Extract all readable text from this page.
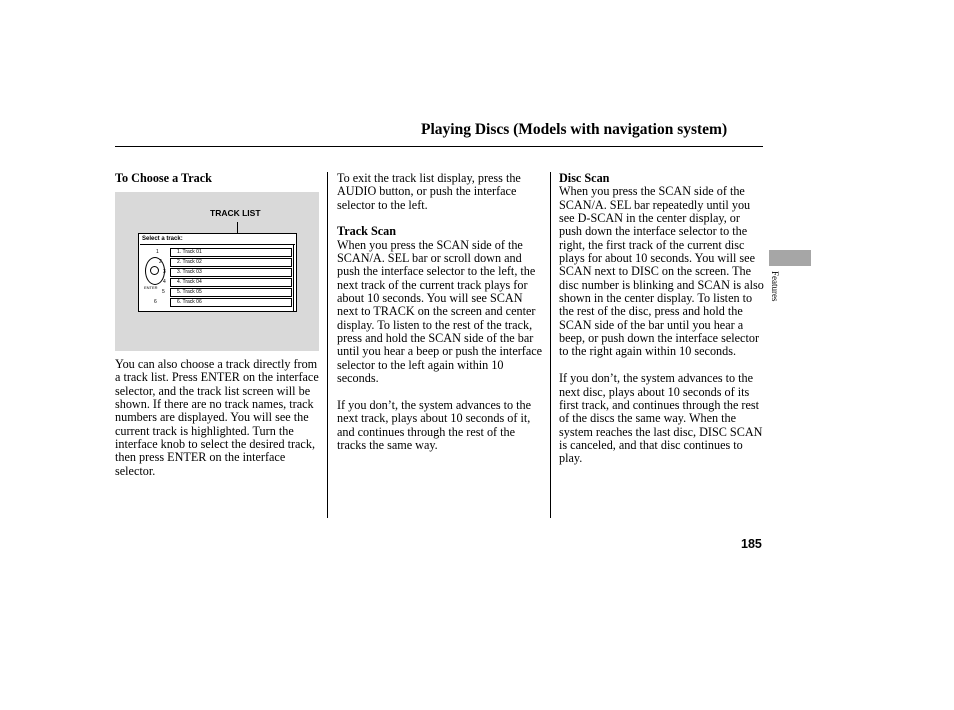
Playing Discs (Models with navigation system)
To Choose a Track
TRACK LIST
Select a track:
ENTER
1
2
3
4
5
6
1. Track 01
2. Track 02
3. Track 03
4. Track 04
5. Track 05
6. Track 06

You can also choose a track directly from a track list. Press ENTER on the interface selector, and the track list screen will be shown. If there are no track names, track numbers are displayed. You will see the current track is highlighted. Turn the interface knob to select the desired track, then press ENTER on the interface selector.

To exit the track list display, press the AUDIO button, or push the interface selector to the left.

Track Scan

When you press the SCAN side of the SCAN/A. SEL bar or scroll down and push the interface selector to the left, the next track of the current track plays for about 10 seconds. You will see SCAN next to TRACK on the screen and center display. To listen to the rest of the track, press and hold the SCAN side of the bar until you hear a beep or push the interface selector to the left again within 10 seconds.

If you don’t, the system advances to the next track, plays about 10 seconds of it, and continues through the rest of the tracks the same way.

Disc Scan

When you press the SCAN side of the SCAN/A. SEL bar repeatedly until you see D-SCAN in the center display, or push down the interface selector to the right, the first track of the current disc plays for about 10 seconds. You will see SCAN next to DISC on the screen. The disc number is blinking and SCAN is also shown in the center display. To listen to the rest of the disc, press and hold the SCAN side of the bar until you hear a beep, or push down the interface selector to the right again within 10 seconds.

If you don’t, the system advances to the next disc, plays about 10 seconds of its first track, and continues through the rest of the discs the same way. When the system reaches the last disc, DISC SCAN is canceled, and that disc continues to play.

Features
185
